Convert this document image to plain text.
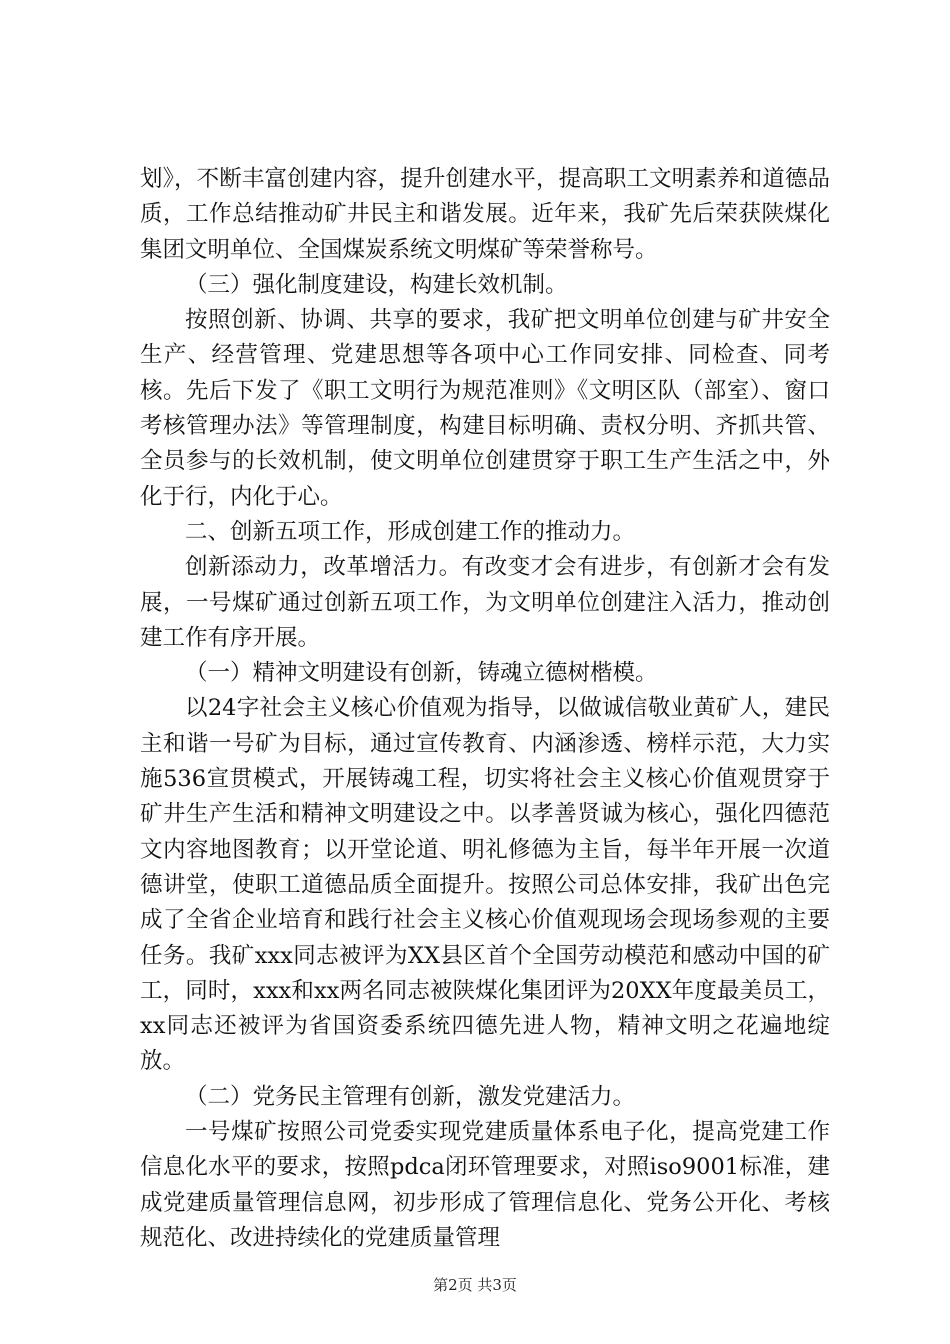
划》，不断丰富创建内容，提升创建水平，提高职工文明素养和道德品质，工作总结推动矿井民主和谐发展。近年来，我矿先后荣获陕煤化集团文明单位、全国煤炭系统文明煤矿等荣誉称号。

（三）强化制度建设，构建长效机制。

按照创新、协调、共享的要求，我矿把文明单位创建与矿井安全生产、经营管理、党建思想等各项中心工作同安排、同检查、同考核。先后下发了《职工文明行为规范准则》《文明区队（部室）、窗口考核管理办法》等管理制度，构建目标明确、责权分明、齐抓共管、全员参与的长效机制，使文明单位创建贯穿于职工生产生活之中，外化于行，内化于心。

二、创新五项工作，形成创建工作的推动力。

创新添动力，改革增活力。有改变才会有进步，有创新才会有发展，一号煤矿通过创新五项工作，为文明单位创建注入活力，推动创建工作有序开展。

（一）精神文明建设有创新，铸魂立德树楷模。

以24字社会主义核心价值观为指导，以做诚信敬业黄矿人，建民主和谐一号矿为目标，通过宣传教育、内涵渗透、榜样示范，大力实施536宣贯模式，开展铸魂工程，切实将社会主义核心价值观贯穿于矿井生产生活和精神文明建设之中。以孝善贤诚为核心，强化四德范文内容地图教育；以开堂论道、明礼修德为主旨，每半年开展一次道德讲堂，使职工道德品质全面提升。按照公司总体安排，我矿出色完成了全省企业培育和践行社会主义核心价值观现场会现场参观的主要任务。我矿xxx同志被评为XX县区首个全国劳动模范和感动中国的矿工，同时，xxx和xx两名同志被陕煤化集团评为20XX年度最美员工，xx同志还被评为省国资委系统四德先进人物，精神文明之花遍地绽放。

（二）党务民主管理有创新，激发党建活力。

一号煤矿按照公司党委实现党建质量体系电子化，提高党建工作信息化水平的要求，按照pdca闭环管理要求，对照iso9001标准，建成党建质量管理信息网，初步形成了管理信息化、党务公开化、考核规范化、改进持续化的党建质量管理

第2页 共3页
